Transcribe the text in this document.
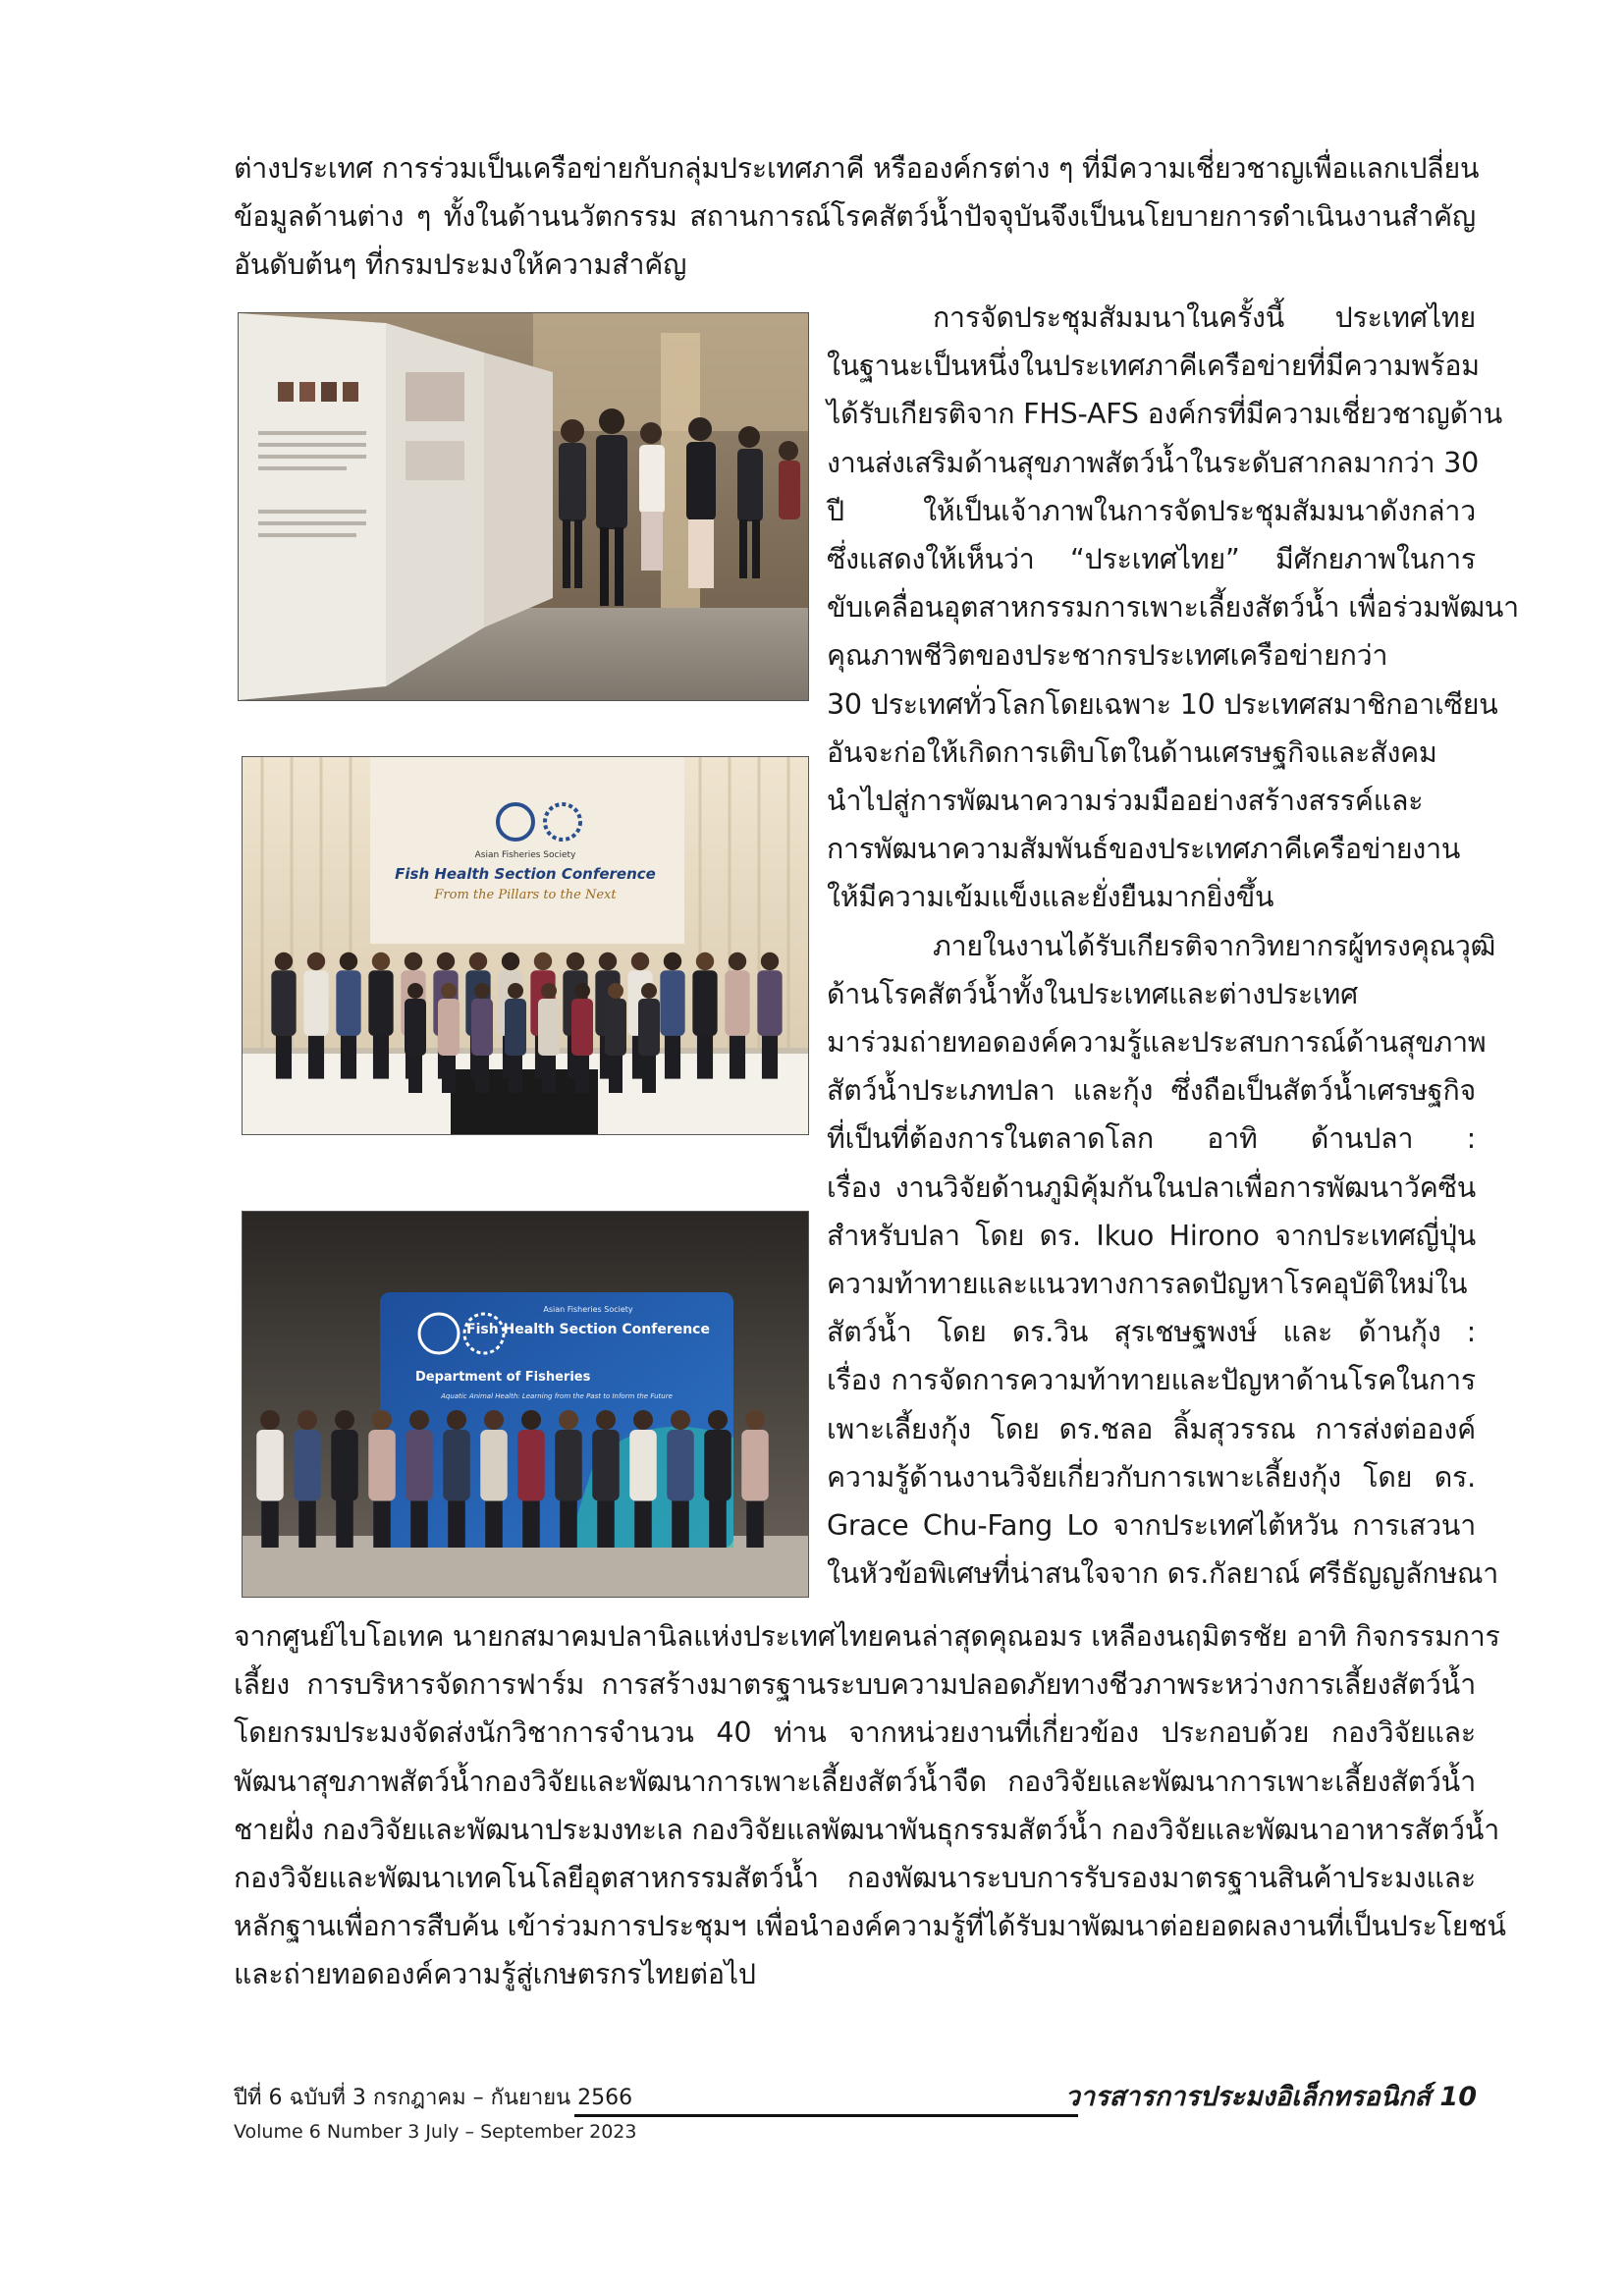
ต่างประเทศ การร่วมเป็นเครือข่ายกับกลุ่มประเทศภาคี หรือองค์กรต่าง ๆ ที่มีความเชี่ยวชาญเพื่อแลกเปลี่ยน
ข้อมูลด้านต่าง ๆ ทั้งในด้านนวัตกรรม สถานการณ์โรคสัตว์น้ำปัจจุบันจึงเป็นนโยบายการดำเนินงานสำคัญ
อันดับต้นๆ ที่กรมประมงให้ความสำคัญ
การจัดประชุมสัมมนาในครั้งนี้ ประเทศไทย
ในฐานะเป็นหนึ่งในประเทศภาคีเครือข่ายที่มีความพร้อม
ได้รับเกียรติจาก FHS-AFS องค์กรที่มีความเชี่ยวชาญด้าน
งานส่งเสริมด้านสุขภาพสัตว์น้ำในระดับสากลมากว่า 30
ปี ให้เป็นเจ้าภาพในการจัดประชุมสัมมนาดังกล่าว
ซึ่งแสดงให้เห็นว่า “ประเทศไทย” มีศักยภาพในการ
ขับเคลื่อนอุตสาหกรรมการเพาะเลี้ยงสัตว์น้ำ เพื่อร่วมพัฒนา
คุณภาพชีวิตของประชากรประเทศเครือข่ายกว่า
30 ประเทศทั่วโลกโดยเฉพาะ 10 ประเทศสมาชิกอาเซียน
อันจะก่อให้เกิดการเติบโตในด้านเศรษฐกิจและสังคม
นำไปสู่การพัฒนาความร่วมมืออย่างสร้างสรรค์และ
การพัฒนาความสัมพันธ์ของประเทศภาคีเครือข่ายงาน
ให้มีความเข้มแข็งและยั่งยืนมากยิ่งขึ้น
ภายในงานได้รับเกียรติจากวิทยากรผู้ทรงคุณวุฒิ
ด้านโรคสัตว์น้ำทั้งในประเทศและต่างประเทศ
มาร่วมถ่ายทอดองค์ความรู้และประสบการณ์ด้านสุขภาพ
สัตว์น้ำประเภทปลา และกุ้ง ซึ่งถือเป็นสัตว์น้ำเศรษฐกิจ
ที่เป็นที่ต้องการในตลาดโลก อาทิ ด้านปลา :
เรื่อง งานวิจัยด้านภูมิคุ้มกันในปลาเพื่อการพัฒนาวัคซีน
สำหรับปลา โดย ดร. Ikuo Hirono จากประเทศญี่ปุ่น
ความท้าทายและแนวทางการลดปัญหาโรคอุบัติใหม่ใน
สัตว์น้ำ โดย ดร.วิน สุรเชษฐพงษ์ และ ด้านกุ้ง :
เรื่อง การจัดการความท้าทายและปัญหาด้านโรคในการ
เพาะเลี้ยงกุ้ง โดย ดร.ชลอ ลิ้มสุวรรณ การส่งต่อองค์
ความรู้ด้านงานวิจัยเกี่ยวกับการเพาะเลี้ยงกุ้ง โดย ดร.
Grace Chu-Fang Lo จากประเทศไต้หวัน การเสวนา
ในหัวข้อพิเศษที่น่าสนใจจาก ดร.กัลยาณ์ ศรีธัญญลักษณา
จากศูนย์ไบโอเทค นายกสมาคมปลานิลแห่งประเทศไทยคนล่าสุดคุณอมร เหลืองนฤมิตรชัย อาทิ กิจกรรมการ
เลี้ยง การบริหารจัดการฟาร์ม การสร้างมาตรฐานระบบความปลอดภัยทางชีวภาพระหว่างการเลี้ยงสัตว์น้ำ
โดยกรมประมงจัดส่งนักวิชาการจำนวน 40 ท่าน จากหน่วยงานที่เกี่ยวข้อง ประกอบด้วย กองวิจัยและ
พัฒนาสุขภาพสัตว์น้ำกองวิจัยและพัฒนาการเพาะเลี้ยงสัตว์น้ำจืด กองวิจัยและพัฒนาการเพาะเลี้ยงสัตว์น้ำ
ชายฝั่ง กองวิจัยและพัฒนาประมงทะเล กองวิจัยแลพัฒนาพันธุกรรมสัตว์น้ำ กองวิจัยและพัฒนาอาหารสัตว์น้ำ
กองวิจัยและพัฒนาเทคโนโลยีอุตสาหกรรมสัตว์น้ำ กองพัฒนาระบบการรับรองมาตรฐานสินค้าประมงและ
หลักฐานเพื่อการสืบค้น เข้าร่วมการประชุมฯ เพื่อนำองค์ความรู้ที่ได้รับมาพัฒนาต่อยอดผลงานที่เป็นประโยชน์
และถ่ายทอดองค์ความรู้สู่เกษตรกรไทยต่อไป
Asian Fisheries Society
Fish Health Section Conference
From the Pillars to the Next
Department of Fisheries
Asian Fisheries Society
Fish Health Section Conference
Aquatic Animal Health: Learning from the Past to Inform the Future
ปีที่ 6 ฉบับที่ 3 กรกฎาคม – กันยายน 2566
Volume 6 Number 3 July – September 2023
วารสารการประมงอิเล็กทรอนิกส์ 10
